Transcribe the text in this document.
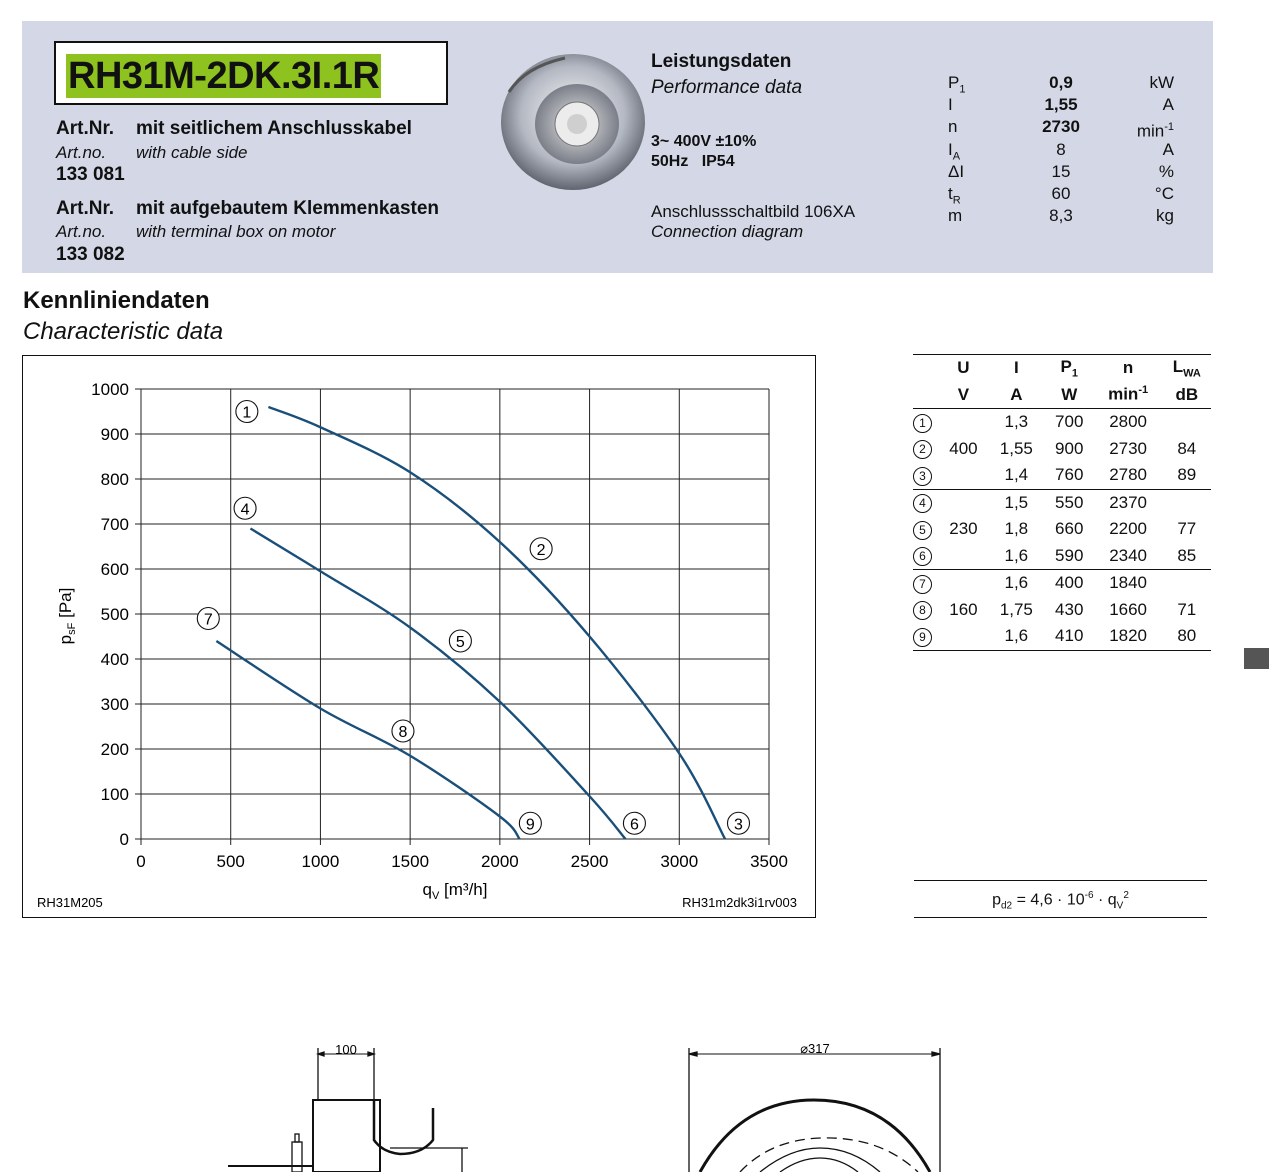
RH31M-2DK.3I.1R
Art.Nr. mit seitlichem Anschlusskabel
Art.no. with cable side
133 081
Art.Nr. mit aufgebautem Klemmenkasten
Art.no. with terminal box on motor
133 082
Leistungsdaten
Performance data
3~ 400V ±10%
50Hz   IP54
Anschlussschaltbild 106XA
Connection diagram
$P_1$	0,9	kW
I	1,55	A
n	2730	$\min^{-1}$
$I_A$	8	A
ΔI	15	%
$t_R$	60	°C
m	8,3	kg
Kennliniendaten
Characteristic data
0	500	1000	1500	2000	2500	3000	3500
0
100
200
300
400
500
600
700
800
900
1000
$q_V$ [m³/h]
$p_{sF}$ [Pa]
RH31M205	RH31m2dk3i1rv003
1
2
3
4
5
6
7
8
9
	U	I	$P_1$	n	$L_{WA}$
	V	A	W	$\min^{-1}$	dB
1		1,3	700	2800	
2	400	1,55	900	2730	84
3		1,4	760	2780	89
4		1,5	550	2370	
5	230	1,8	660	2200	77
6		1,6	590	2340	85
7		1,6	400	1840	
8	160	1,75	430	1660	71
9		1,6	410	1820	80
$p_{d2} = 4,6 \cdot 10^{-6} \cdot q_V^2$
100	⌀317
